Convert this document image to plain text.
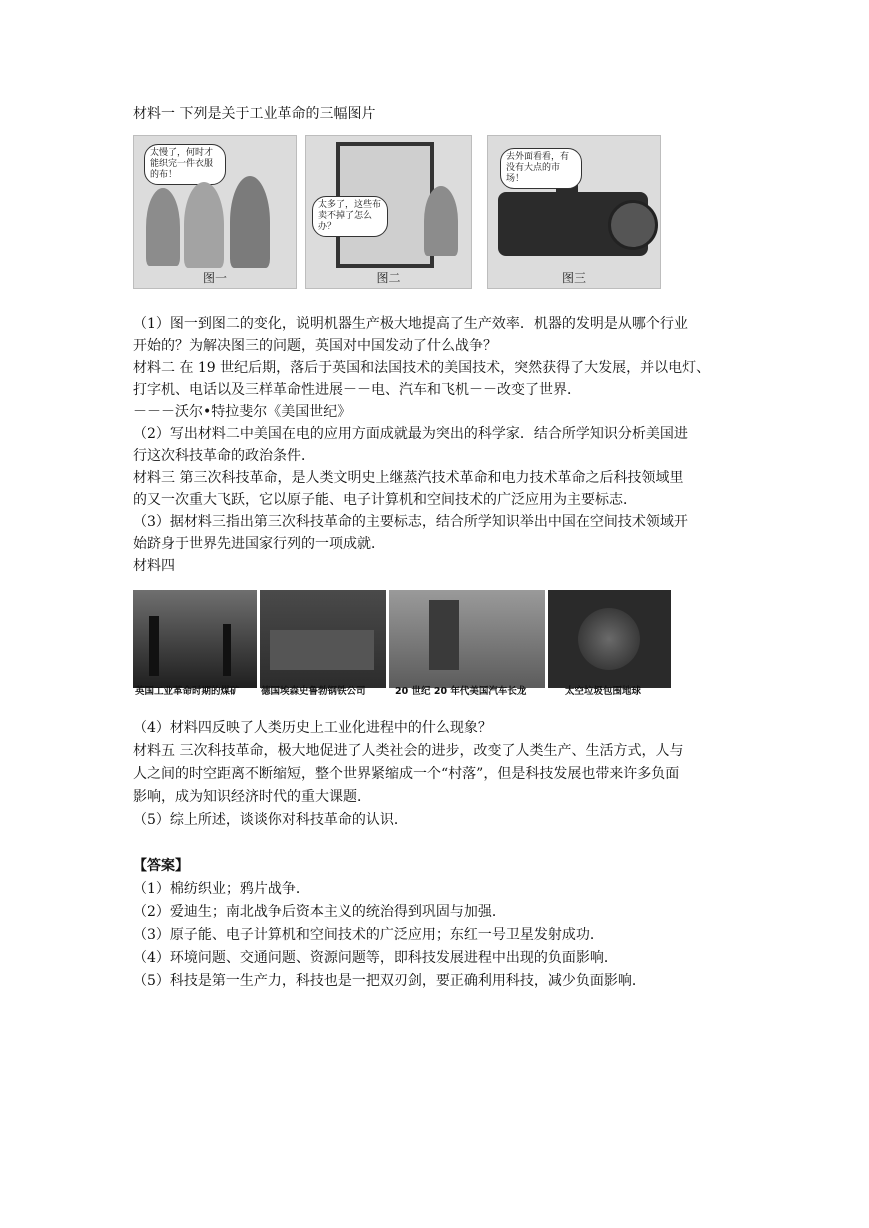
材料一 下列是关于工业革命的三幅图片
太慢了，何时才能织完一件衣服的布！
图一
太多了，这些布卖不掉了怎么办？
图二
去外面看看，有没有大点的市场！
图三
（1）图一到图二的变化，说明机器生产极大地提高了生产效率．机器的发明是从哪个行业
开始的？为解决图三的问题，英国对中国发动了什么战争？
材料二 在 19 世纪后期，落后于英国和法国技术的美国技术，突然获得了大发展，并以电灯、
打字机、电话以及三样革命性进展－－电、汽车和飞机－－改变了世界．
－－－沃尔•特拉斐尔《美国世纪》
（2）写出材料二中美国在电的应用方面成就最为突出的科学家．结合所学知识分析美国进
行这次科技革命的政治条件．
材料三 第三次科技革命，是人类文明史上继蒸汽技术革命和电力技术革命之后科技领域里
的又一次重大飞跃，它以原子能、电子计算机和空间技术的广泛应用为主要标志．
（3）据材料三指出第三次科技革命的主要标志，结合所学知识举出中国在空间技术领域开
始跻身于世界先进国家行列的一项成就．
材料四
英国工业革命时期的煤矿 德国埃森史鲁勃钢铁公司	20 世纪 20 年代美国汽车长龙	太空垃圾包围地球
（4）材料四反映了人类历史上工业化进程中的什么现象？
材料五 三次科技革命，极大地促进了人类社会的进步，改变了人类生产、生活方式，人与
人之间的时空距离不断缩短，整个世界紧缩成一个“村落”，但是科技发展也带来许多负面
影响，成为知识经济时代的重大课题．
（5）综上所述，谈谈你对科技革命的认识．
【答案】
（1）棉纺织业；鸦片战争．
（2）爱迪生；南北战争后资本主义的统治得到巩固与加强．
（3）原子能、电子计算机和空间技术的广泛应用；东红一号卫星发射成功．
（4）环境问题、交通问题、资源问题等，即科技发展进程中出现的负面影响．
（5）科技是第一生产力，科技也是一把双刃剑，要正确利用科技，减少负面影响．
